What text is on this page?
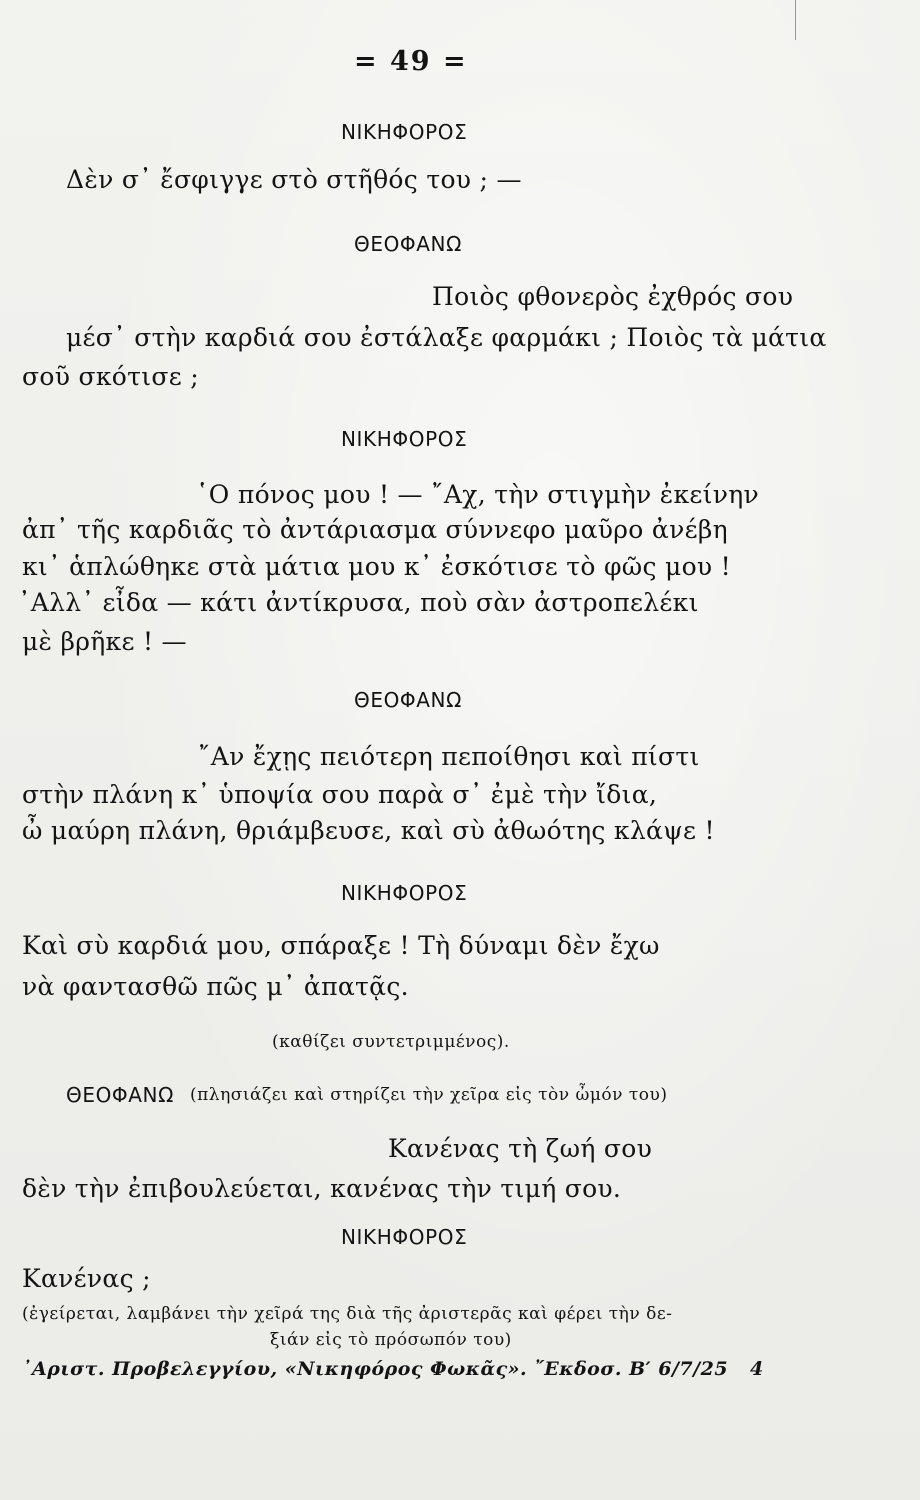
= 49 =
ΝΙΚΗΦΟΡΟΣ
Δὲν σ᾽ ἔσφιγγε στὸ στῆθός του ; —
ΘΕΟΦΑΝΩ
Ποιὸς φθονερὸς ἐχθρός σου
μέσ᾽ στὴν καρδιά σου ἐστάλαξε φαρμάκι ; Ποιὸς τὰ μάτια
σοῦ σκότισε ;
ΝΙΚΗΦΟΡΟΣ
῾Ο πόνος μου ! — ῎Αχ, τὴν στιγμὴν ἐκείνην
ἀπ᾽ τῆς καρδιᾶς τὸ ἀντάριασμα σύννεφο μαῦρο ἀνέβη
κι᾽ ἁπλώθηκε στὰ μάτια μου κ᾽ ἐσκότισε τὸ φῶς μου !
᾽Αλλ᾽ εἶδα — κάτι ἀντίκρυσα, ποὺ σὰν ἀστροπελέκι
μὲ βρῆκε ! —
ΘΕΟΦΑΝΩ
῎Αν ἔχῃς πειότερη πεποίθησι καὶ πίστι
στὴν πλάνη κ᾽ ὑποψία σου παρὰ σ᾽ ἐμὲ τὴν ἴδια,
ὦ μαύρη πλάνη, θριάμβευσε, καὶ σὺ ἀθωότης κλάψε !
ΝΙΚΗΦΟΡΟΣ
Καὶ σὺ καρδιά μου, σπάραξε ! Τὴ δύναμι δὲν ἔχω
νὰ φαντασθῶ πῶς μ᾽ ἀπατᾷς.
(καθίζει συντετριμμένος).
ΘΕΟΦΑΝΩ (πλησιάζει καὶ στηρίζει τὴν χεῖρα εἰς τὸν ὦμόν του)
Κανένας τὴ ζωή σου
δὲν τὴν ἐπιβουλεύεται, κανένας τὴν τιμή σου.
ΝΙΚΗΦΟΡΟΣ
Κανένας ;
(ἐγείρεται, λαμβάνει τὴν χεῖρά της διὰ τῆς ἀριστερᾶς καὶ φέρει τὴν δε-
ξιάν εἰς τὸ πρόσωπόν του)
᾽Αριστ. Προβελεγγίου, «Νικηφόρος Φωκᾶς». ῎Εκδοσ. Β′ 6/7/25 4
